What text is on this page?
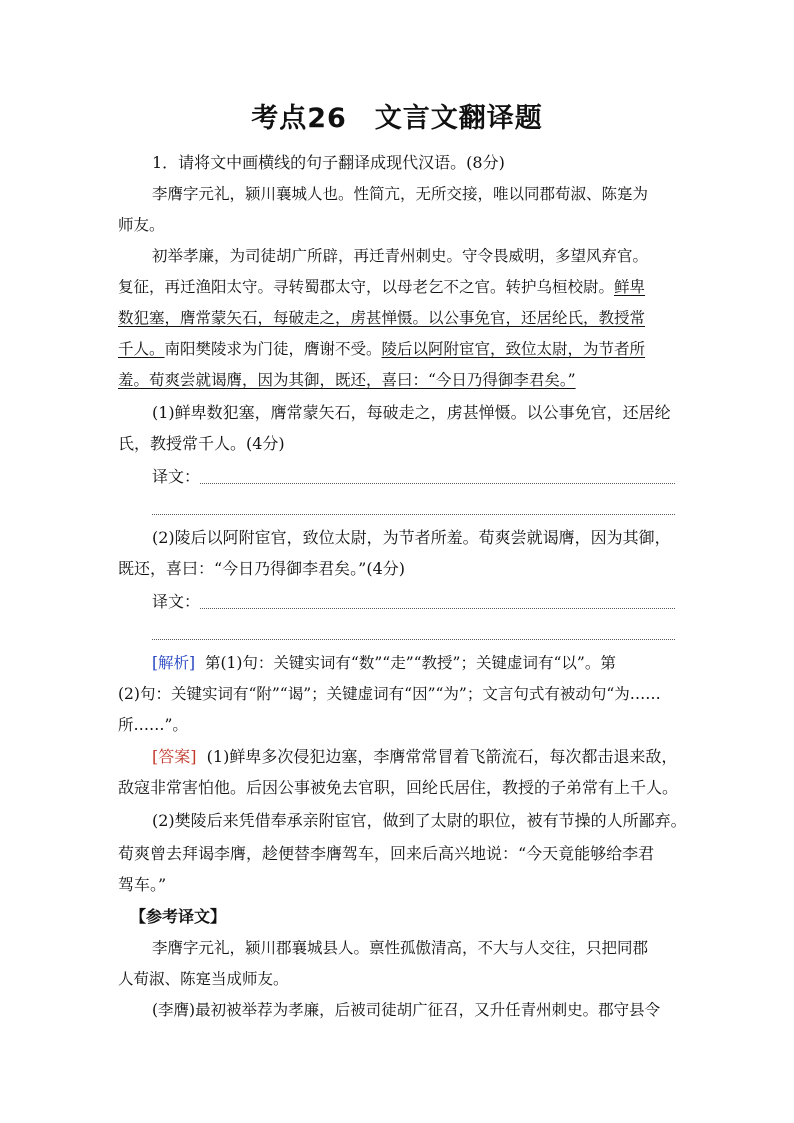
考点26 文言文翻译题
1．请将文中画横线的句子翻译成现代汉语。(8分)
李膺字元礼，颍川襄城人也。性简亢，无所交接，唯以同郡荀淑、陈寔为
师友。
初举孝廉，为司徒胡广所辟，再迁青州刺史。守令畏威明，多望风弃官。
复征，再迁渔阳太守。寻转蜀郡太守，以母老乞不之官。转护乌桓校尉。鲜卑
数犯塞，膺常蒙矢石，每破走之，虏甚惮慑。以公事免官，还居纶氏，教授常
千人。南阳樊陵求为门徒，膺谢不受。陵后以阿附宦官，致位太尉，为节者所
羞。荀爽尝就谒膺，因为其御，既还，喜曰：“今日乃得御李君矣。”
(1)鲜卑数犯塞，膺常蒙矢石，每破走之，虏甚惮慑。以公事免官，还居纶
氏，教授常千人。(4分)
译文：
(2)陵后以阿附宦官，致位太尉，为节者所羞。荀爽尝就谒膺，因为其御，
既还，喜曰：“今日乃得御李君矣。”(4分)
译文：
[解析] 第(1)句：关键实词有“数”“走”“教授”；关键虚词有“以”。第
(2)句：关键实词有“附”“谒”；关键虚词有“因”“为”；文言句式有被动句“为……
所……”。
[答案] (1)鲜卑多次侵犯边塞，李膺常常冒着飞箭流石，每次都击退来敌，
敌寇非常害怕他。后因公事被免去官职，回纶氏居住，教授的子弟常有上千人。
(2)樊陵后来凭借奉承亲附宦官，做到了太尉的职位，被有节操的人所鄙弃。
荀爽曾去拜谒李膺，趁便替李膺驾车，回来后高兴地说：“今天竟能够给李君
驾车。”
【参考译文】
李膺字元礼，颍川郡襄城县人。禀性孤傲清高，不大与人交往，只把同郡
人荀淑、陈寔当成师友。
(李膺)最初被举荐为孝廉，后被司徒胡广征召，又升任青州刺史。郡守县令
